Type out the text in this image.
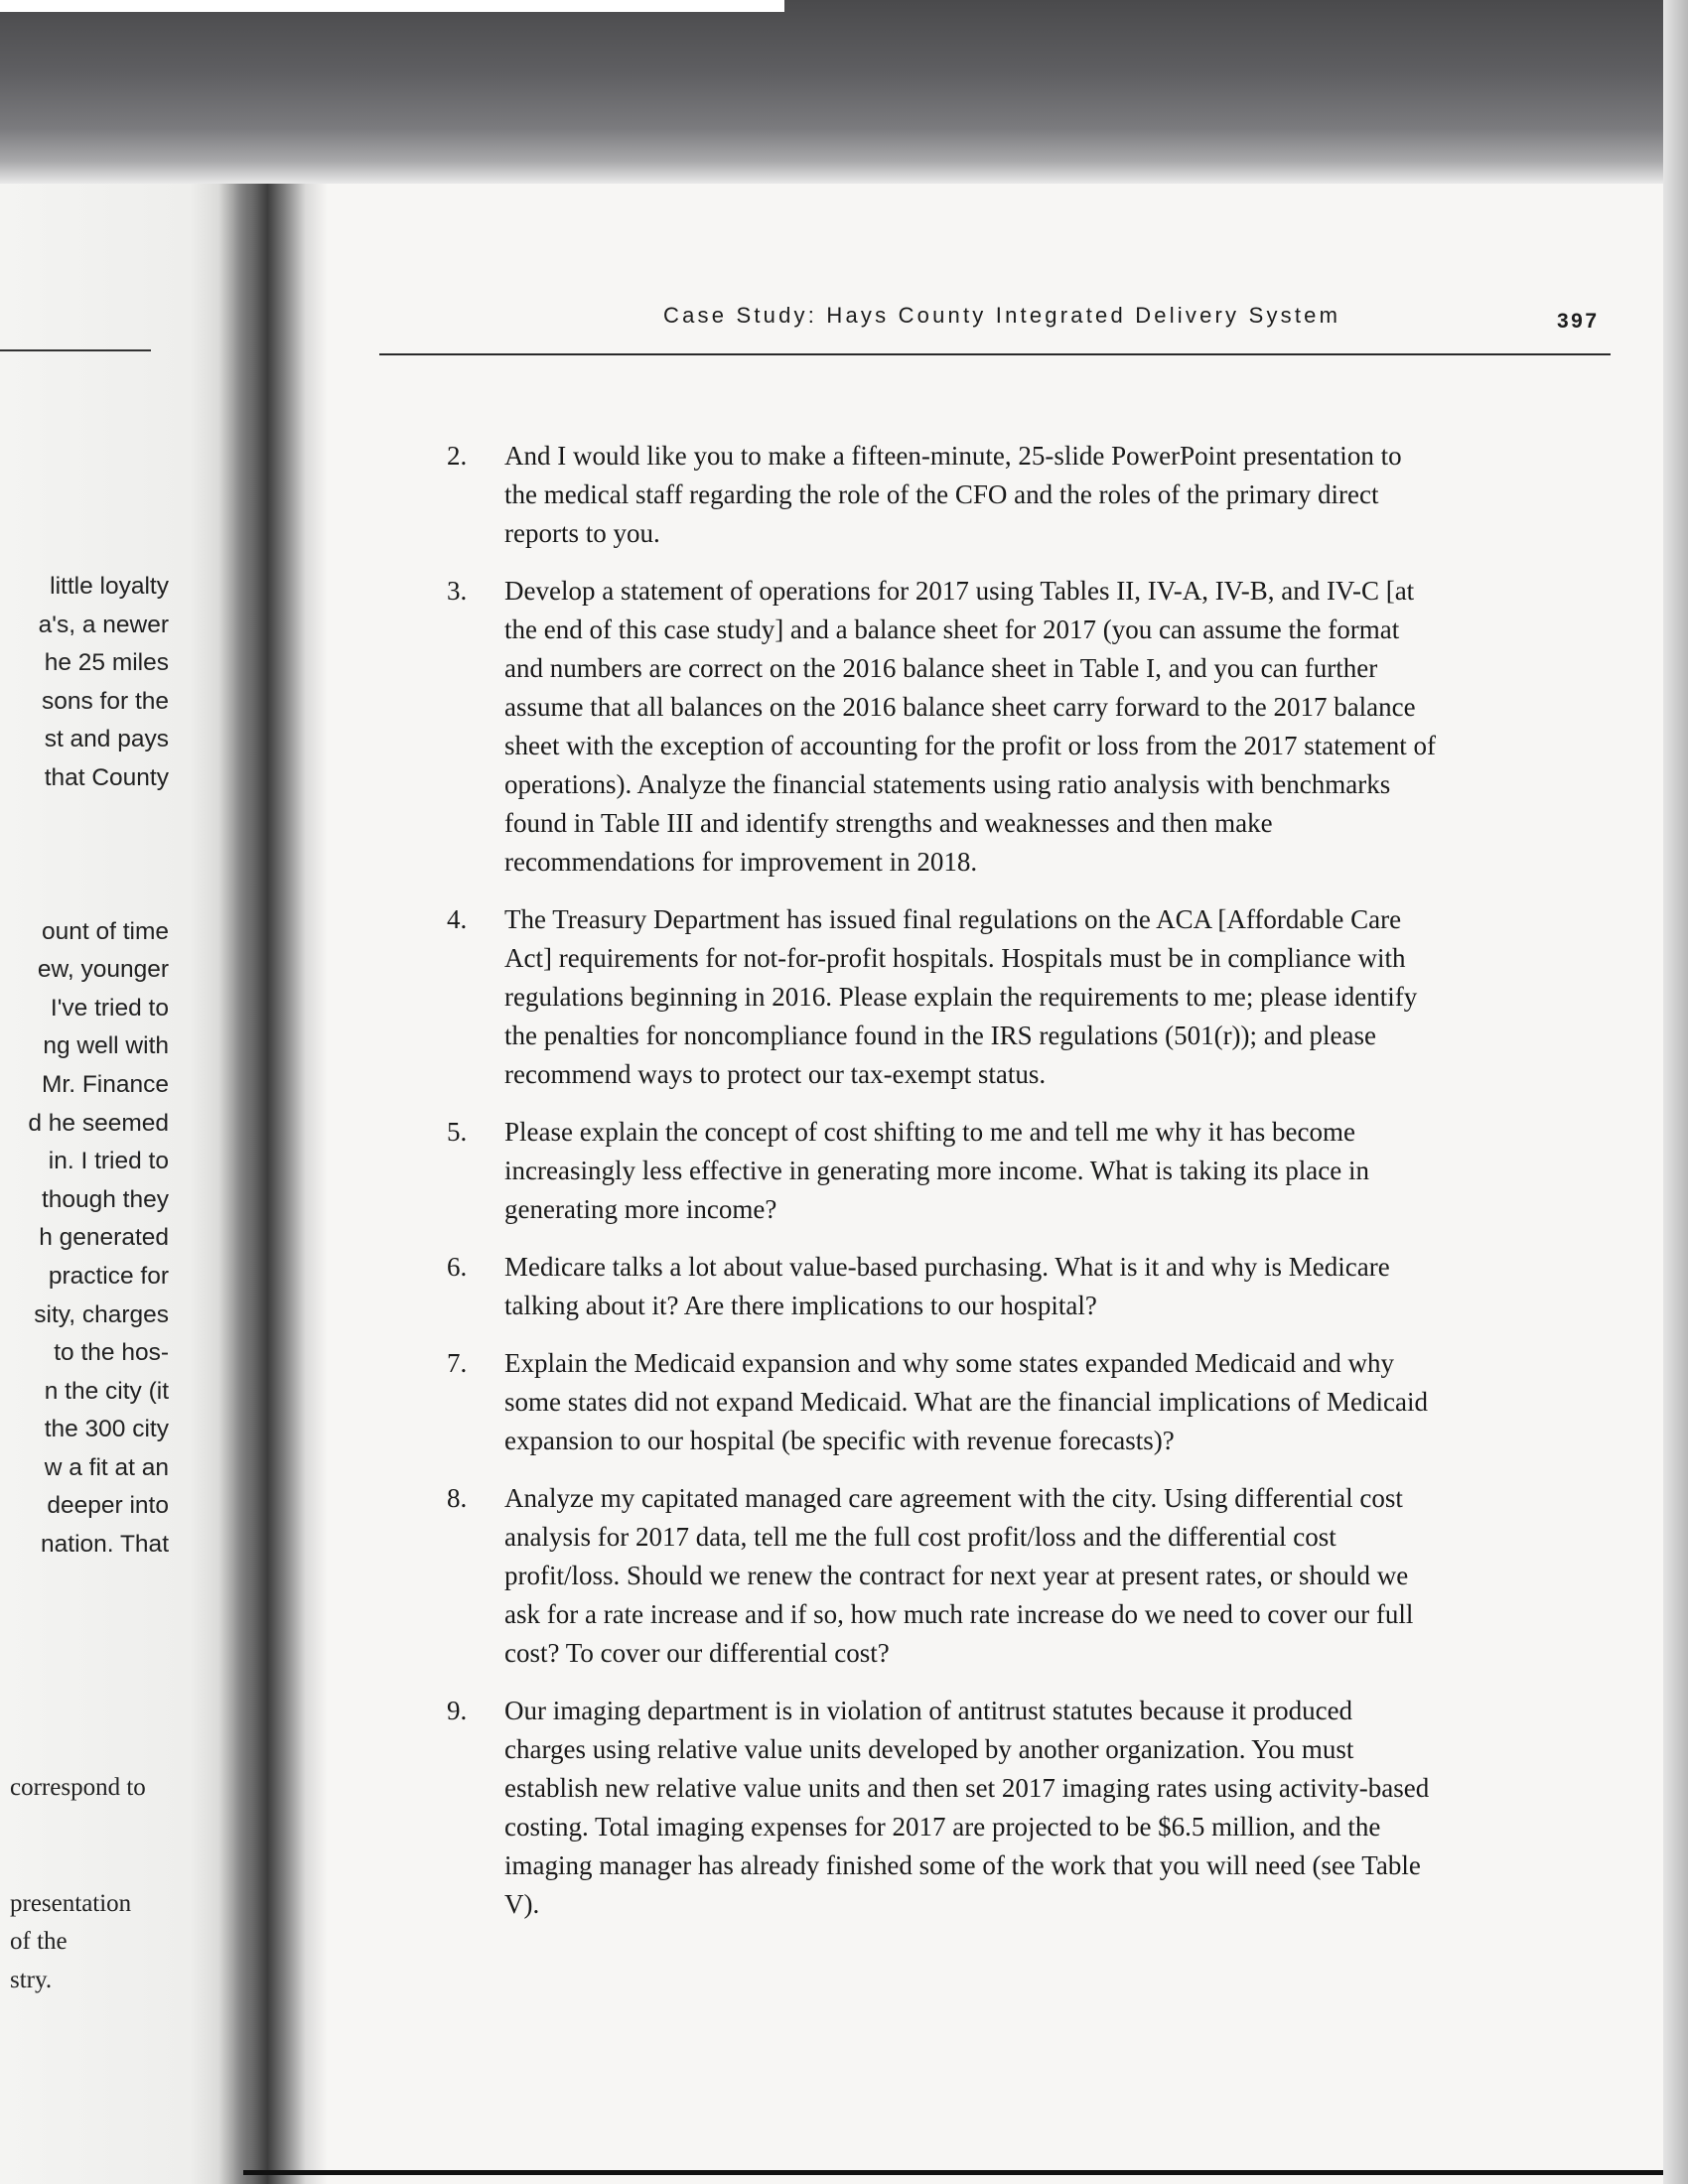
little loyalty
a's, a newer
he 25 miles
sons for the
st and pays
that County
ount of time
ew, younger
I've tried to
ng well with
Mr. Finance
d he seemed
in. I tried to
though they
h generated
practice for
sity, charges
to the hos-
n the city (it
the 300 city
w a fit at an
deeper into
nation. That
correspond to
presentation
of the
stry.
Case Study: Hays County Integrated Delivery System	397
2.	And I would like you to make a fifteen-minute, 25-slide PowerPoint presentation to the medical staff regarding the role of the CFO and the roles of the primary direct reports to you.
3.	Develop a statement of operations for 2017 using Tables II, IV-A, IV-B, and IV-C [at the end of this case study] and a balance sheet for 2017 (you can assume the format and numbers are correct on the 2016 balance sheet in Table I, and you can further assume that all balances on the 2016 balance sheet carry forward to the 2017 balance sheet with the exception of accounting for the profit or loss from the 2017 statement of operations). Analyze the financial statements using ratio analysis with benchmarks found in Table III and identify strengths and weaknesses and then make recommendations for improvement in 2018.
4.	The Treasury Department has issued final regulations on the ACA [Affordable Care Act] requirements for not-for-profit hospitals. Hospitals must be in compliance with regulations beginning in 2016. Please explain the requirements to me; please identify the penalties for noncompliance found in the IRS regulations (501(r)); and please recommend ways to protect our tax-exempt status.
5.	Please explain the concept of cost shifting to me and tell me why it has become increasingly less effective in generating more income. What is taking its place in generating more income?
6.	Medicare talks a lot about value-based purchasing. What is it and why is Medicare talking about it? Are there implications to our hospital?
7.	Explain the Medicaid expansion and why some states expanded Medicaid and why some states did not expand Medicaid. What are the financial implications of Medicaid expansion to our hospital (be specific with revenue forecasts)?
8.	Analyze my capitated managed care agreement with the city. Using differential cost analysis for 2017 data, tell me the full cost profit/loss and the differential cost profit/loss. Should we renew the contract for next year at present rates, or should we ask for a rate increase and if so, how much rate increase do we need to cover our full cost? To cover our differential cost?
9.	Our imaging department is in violation of antitrust statutes because it produced charges using relative value units developed by another organization. You must establish new relative value units and then set 2017 imaging rates using activity-based costing. Total imaging expenses for 2017 are projected to be $6.5 million, and the imaging manager has already finished some of the work that you will need (see Table V).
